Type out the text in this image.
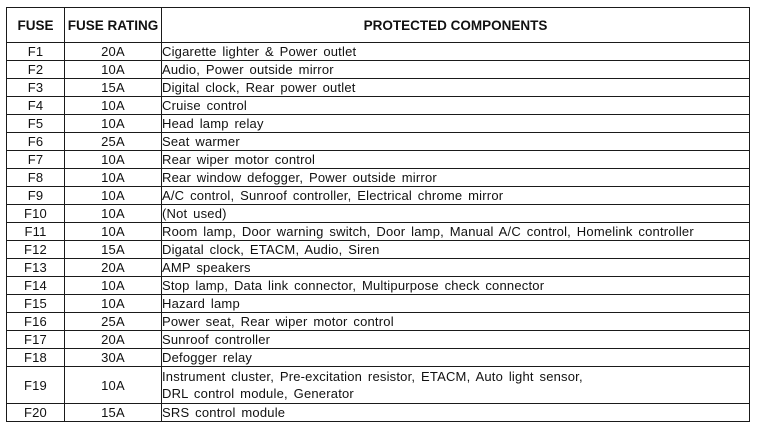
FUSE	FUSE RATING	PROTECTED COMPONENTS
F1	20A	Cigarette lighter & Power outlet
F2	10A	Audio, Power outside mirror
F3	15A	Digital clock, Rear power outlet
F4	10A	Cruise control
F5	10A	Head lamp relay
F6	25A	Seat warmer
F7	10A	Rear wiper motor control
F8	10A	Rear window defogger, Power outside mirror
F9	10A	A/C control, Sunroof controller, Electrical chrome mirror
F10	10A	(Not used)
F11	10A	Room lamp, Door warning switch, Door lamp, Manual A/C control, Homelink controller
F12	15A	Digatal clock, ETACM, Audio, Siren
F13	20A	AMP speakers
F14	10A	Stop lamp, Data link connector, Multipurpose check connector
F15	10A	Hazard lamp
F16	25A	Power seat, Rear wiper motor control
F17	20A	Sunroof controller
F18	30A	Defogger relay
F19	10A	Instrument cluster, Pre-excitation resistor, ETACM, Auto light sensor,
DRL control module, Generator

F20	15A	SRS control module
